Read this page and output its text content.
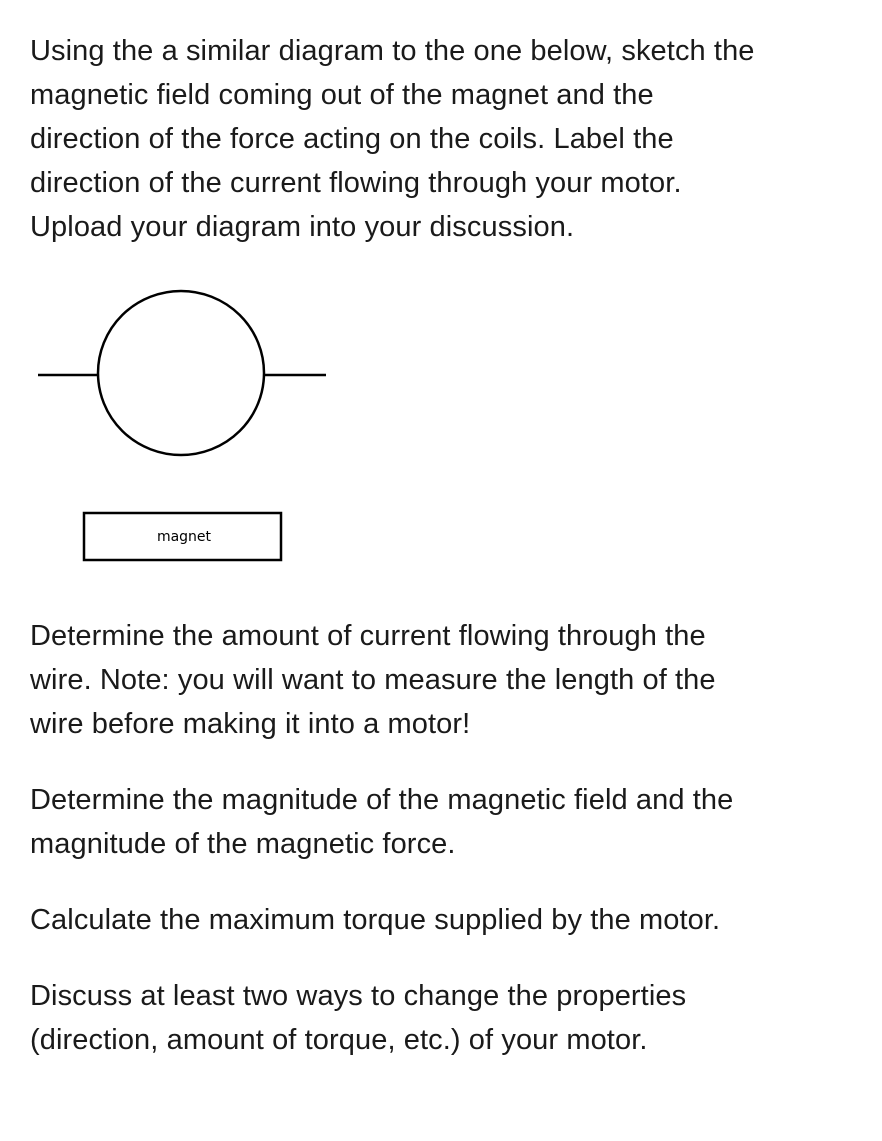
Using the a similar diagram to the one below, sketch the
magnetic field coming out of the magnet and the
direction of the force acting on the coils. Label the
direction of the current flowing through your motor.
Upload your diagram into your discussion.

magnet

Determine the amount of current flowing through the
wire. Note: you will want to measure the length of the
wire before making it into a motor!

Determine the magnitude of the magnetic field and the
magnitude of the magnetic force.

Calculate the maximum torque supplied by the motor.

Discuss at least two ways to change the properties
(direction, amount of torque, etc.) of your motor.
